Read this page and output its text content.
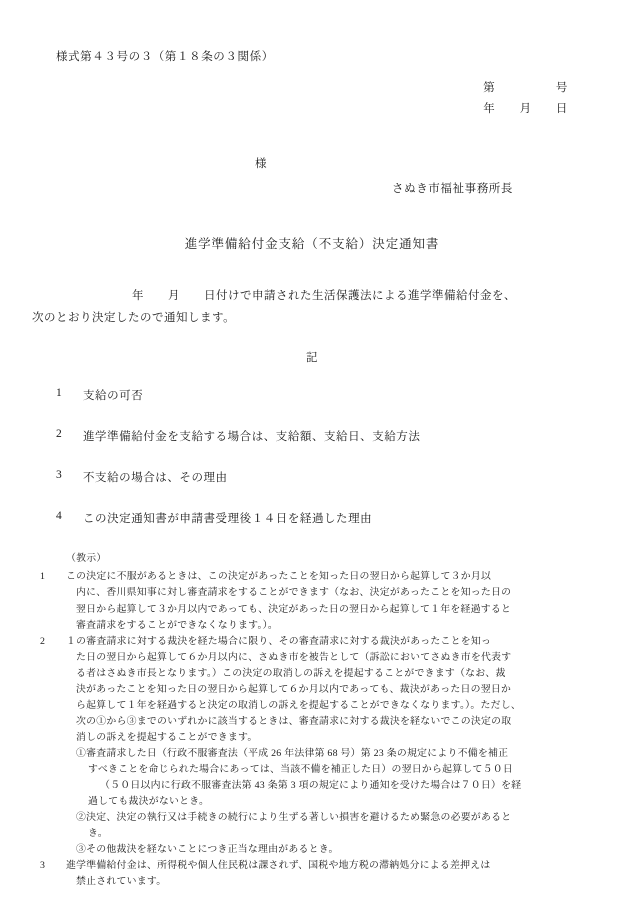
様式第４３号の３（第１８条の３関係）
第　　　　　号
年　　月　　日
様
さぬき市福祉事務所長
進学準備給付金支給（不支給）決定通知書
年　　月　　日付けで申請された生活保護法による進学準備給付金を、
次のとおり決定したので通知します。
記
1	支給の可否
2	進学準備給付金を支給する場合は、支給額、支給日、支給方法
3	不支給の場合は、その理由
4	この決定通知書が申請書受理後１４日を経過した理由
（教示）
1	この決定に不服があるときは、この決定があったことを知った日の翌日から起算して３か月以

内に、香川県知事に対し審査請求をすることができます（なお、決定があったことを知った日の

翌日から起算して３か月以内であっても、決定があった日の翌日から起算して１年を経過すると

審査請求をすることができなくなります。）。

2	１の審査請求に対する裁決を経た場合に限り、その審査請求に対する裁決があったことを知っ

た日の翌日から起算して６か月以内に、さぬき市を被告として（訴訟においてさぬき市を代表す

る者はさぬき市長となります。）この決定の取消しの訴えを提起することができます（なお、裁

決があったことを知った日の翌日から起算して６か月以内であっても、裁決があった日の翌日か

ら起算して１年を経過すると決定の取消しの訴えを提起することができなくなります。）。ただし、

次の①から③までのいずれかに該当するときは、審査請求に対する裁決を経ないでこの決定の取

消しの訴えを提起することができます。

①審査請求した日（行政不服審査法（平成 26 年法律第 68 号）第 23 条の規定により不備を補正
すべきことを命じられた場合にあっては、当該不備を補正した日）の翌日から起算して５０日
（５０日以内に行政不服審査法第 43 条第 3 項の規定により通知を受けた場合は７０日）を経
過しても裁決がないとき。
②決定、決定の執行又は手続きの続行により生ずる著しい損害を避けるため緊急の必要があると
き。
③その他裁決を経ないことにつき正当な理由があるとき。
3	進学準備給付金は、所得税や個人住民税は課されず、国税や地方税の滞納処分による差押えは

禁止されています。
